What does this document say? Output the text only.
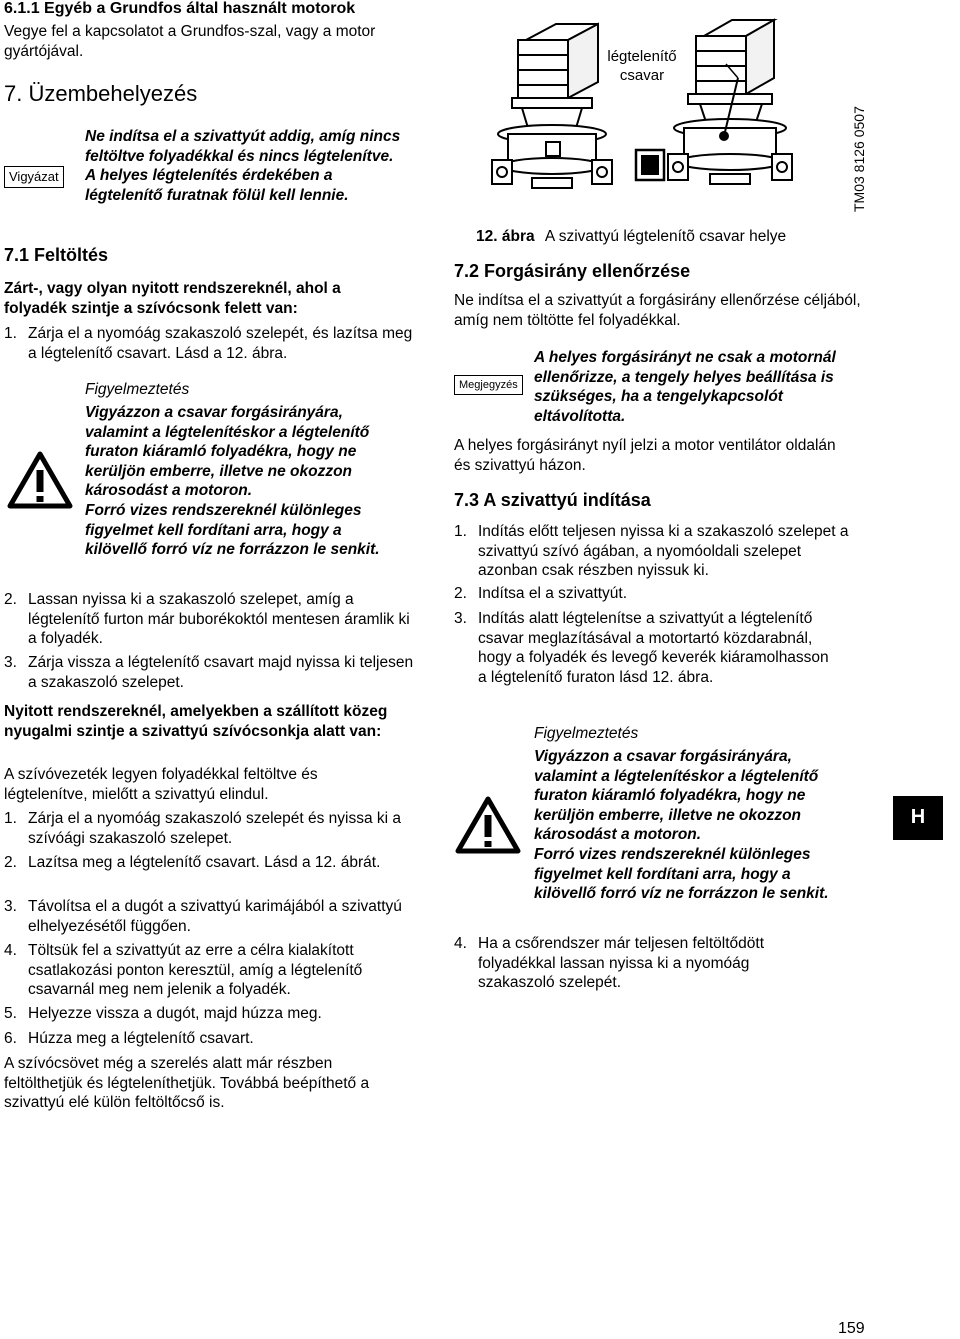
6.1.1 Egyéb a Grundfos által használt motorok

Vegye fel a kapcsolatot a Grundfos-szal, vagy a motor gyártójával.

7. Üzembehelyezés

Vigyázat

Ne indítsa el a szivattyút addig, amíg nincs feltöltve folyadékkal és nincs légtelenítve. A helyes légtelenítés érdekében a légtelenítő furatnak fölül kell lennie.

7.1 Feltöltés

Zárt-, vagy olyan nyitott rendszereknél, ahol a folyadék szintje a szívócsonk felett van:

1. Zárja el a nyomóág szakaszoló szelepét, és lazítsa meg a légtelenítő csavart. Lásd a 12. ábra.

Figyelmeztetés

Vigyázzon a csavar forgásirányára, valamint a légtelenítéskor a légtelenítő furaton kiáramló folyadékra, hogy ne kerüljön emberre, illetve ne okozzon károsodást a motoron.

Forró vizes rendszereknél különleges figyelmet kell fordítani arra, hogy a kilövellő forró víz ne forrázzon le senkit.

2. Lassan nyissa ki a szakaszoló szelepet, amíg a légtelenítő furton már buborékoktól mentesen áramlik ki a folyadék.
3. Zárja vissza a légtelenítő csavart majd nyissa ki teljesen a szakaszoló szelepet.

Nyitott rendszereknél, amelyekben a szállított közeg nyugalmi szintje a szivattyú szívócsonkja alatt van:

A szívóvezeték legyen folyadékkal feltöltve és légtelenítve, mielőtt a szivattyú elindul.

1. Zárja el a nyomóág szakaszoló szelepét és nyissa ki a szívóági szakaszoló szelepet.
2. Lazítsa meg a légtelenítő csavart. Lásd a 12. ábrát.
3. Távolítsa el a dugót a szivattyú karimájából a szivattyú elhelyezésétől függően.
4. Töltsük fel a szivattyút az erre a célra kialakított csatlakozási ponton keresztül, amíg a légtelenítő csavarnál meg nem jelenik a folyadék.
5. Helyezze vissza a dugót, majd húzza meg.
6. Húzza meg a légtelenítő csavart.

A szívócsövet még a szerelés alatt már részben feltölthetjük és légteleníthetjük. Továbbá beépíthető a szivattyú elé külön feltöltőcső is.

légtelenítő csavar
12. ábra A szivattyú légtelenítõ csavar helye
TM03 8126 0507

7.2 Forgásirány ellenőrzése

Ne indítsa el a szivattyút a forgásirány ellenőrzése céljából, amíg nem töltötte fel folyadékkal.

Megjegyzés

A helyes forgásirányt ne csak a motornál ellenőrizze, a tengely helyes beállítása is szükséges, ha a tengelykapcsolót eltávolította.

A helyes forgásirányt nyíl jelzi a motor ventilátor oldalán és szivattyú házon.

7.3 A szivattyú indítása

1. Indítás előtt teljesen nyissa ki a szakaszoló szelepet a szivattyú szívó ágában, a nyomóoldali szelepet azonban csak részben nyissuk ki.
2. Indítsa el a szivattyút.
3. Indítás alatt légtelenítse a szivattyút a légtelenítő csavar meglazításával a motortartó közdarabnál, hogy a folyadék és levegő keverék kiáramolhasson a légtelenítő furaton lásd 12. ábra.

Figyelmeztetés

Vigyázzon a csavar forgásirányára, valamint a légtelenítéskor a légtelenítő furaton kiáramló folyadékra, hogy ne kerüljön emberre, illetve ne okozzon károsodást a motoron.

Forró vizes rendszereknél különleges figyelmet kell fordítani arra, hogy a kilövellő forró víz ne forrázzon le senkit.

4. Ha a csőrendszer már teljesen feltöltődött folyadékkal lassan nyissa ki a nyomóág szakaszoló szelepét.
H
159
